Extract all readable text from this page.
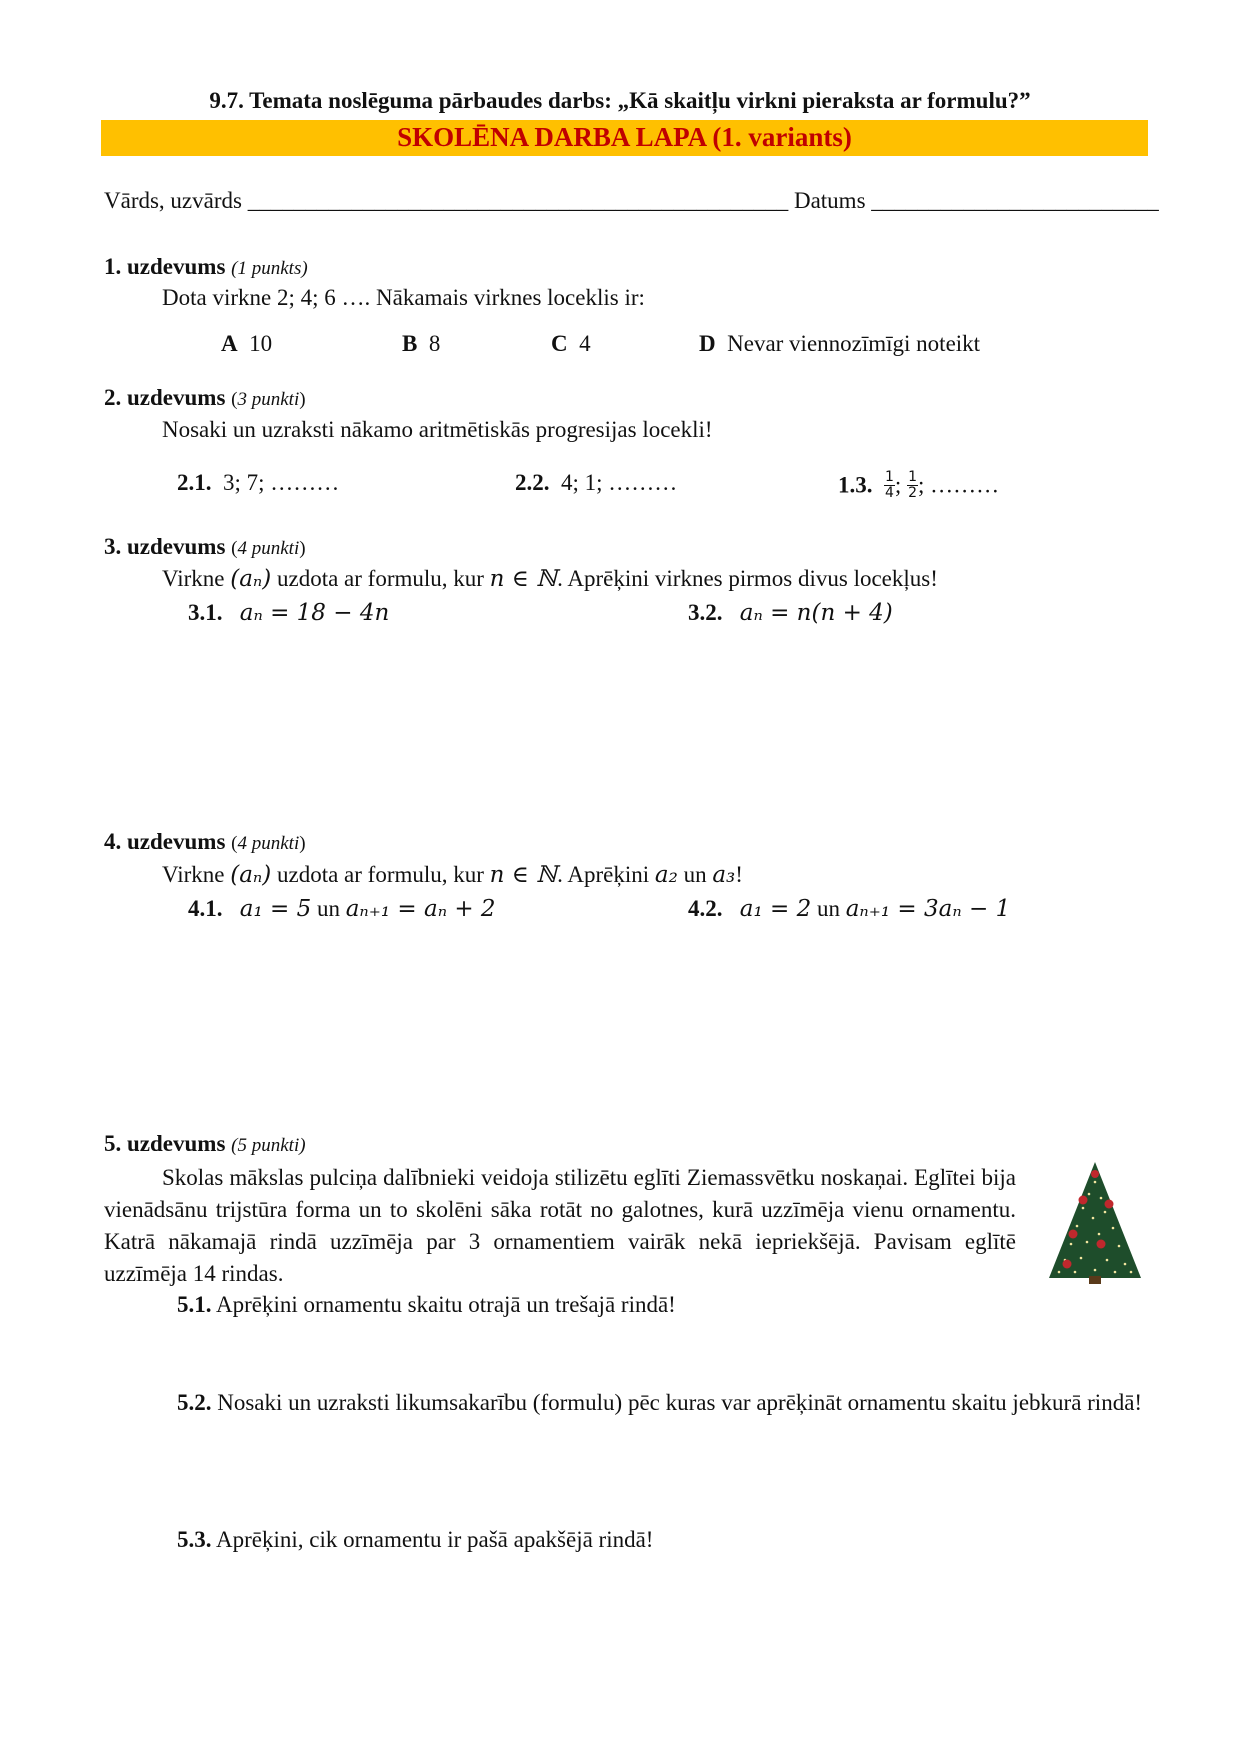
9.7. Temata noslēguma pārbaudes darbs: „Kā skaitļu virkni pieraksta ar formulu?”
SKOLĒNA DARBA LAPA (1. variants)
Vārds, uzvārds _______________________________________________ Datums _________________________
1. uzdevums (1 punkts)
Dota virkne 2; 4; 6 …. Nākamais virknes loceklis ir:
A 10	B 8	C 4	D Nevar viennozīmīgi noteikt
2. uzdevums (3 punkti)
Nosaki un uzraksti nākamo aritmētiskās progresijas locekli!
2.1. 3; 7; ………	2.2. 4; 1; ………	1.3. $\frac{1}{4}$ ; $\frac{1}{2}$ ; ………
3. uzdevums (4 punkti)
Virkne (aₙ) uzdota ar formulu, kur n ∈ ℕ. Aprēķini virknes pirmos divus locekļus!
3.1. aₙ = 18 − 4n	3.2. aₙ = n(n + 4)
4. uzdevums (4 punkti)
Virkne (aₙ) uzdota ar formulu, kur n ∈ ℕ. Aprēķini a₂ un a₃!
4.1. a₁ = 5 un aₙ₊₁ = aₙ + 2	4.2. a₁ = 2 un aₙ₊₁ = 3aₙ − 1
5. uzdevums (5 punkti)
Skolas mākslas pulciņa dalībnieki veidoja stilizētu eglīti Ziemassvētku noskaņai. Eglītei bija vienādsānu trijstūra forma un to skolēni sāka rotāt no galotnes, kurā uzzīmēja vienu ornamentu. Katrā nākamajā rindā uzzīmēja par 3 ornamentiem vairāk nekā iepriekšējā. Pavisam eglītē uzzīmēja 14 rindas.
5.1. Aprēķini ornamentu skaitu otrajā un trešajā rindā!
5.2. Nosaki un uzraksti likumsakarību (formulu) pēc kuras var aprēķināt ornamentu skaitu jebkurā rindā!
5.3. Aprēķini, cik ornamentu ir pašā apakšējā rindā!
